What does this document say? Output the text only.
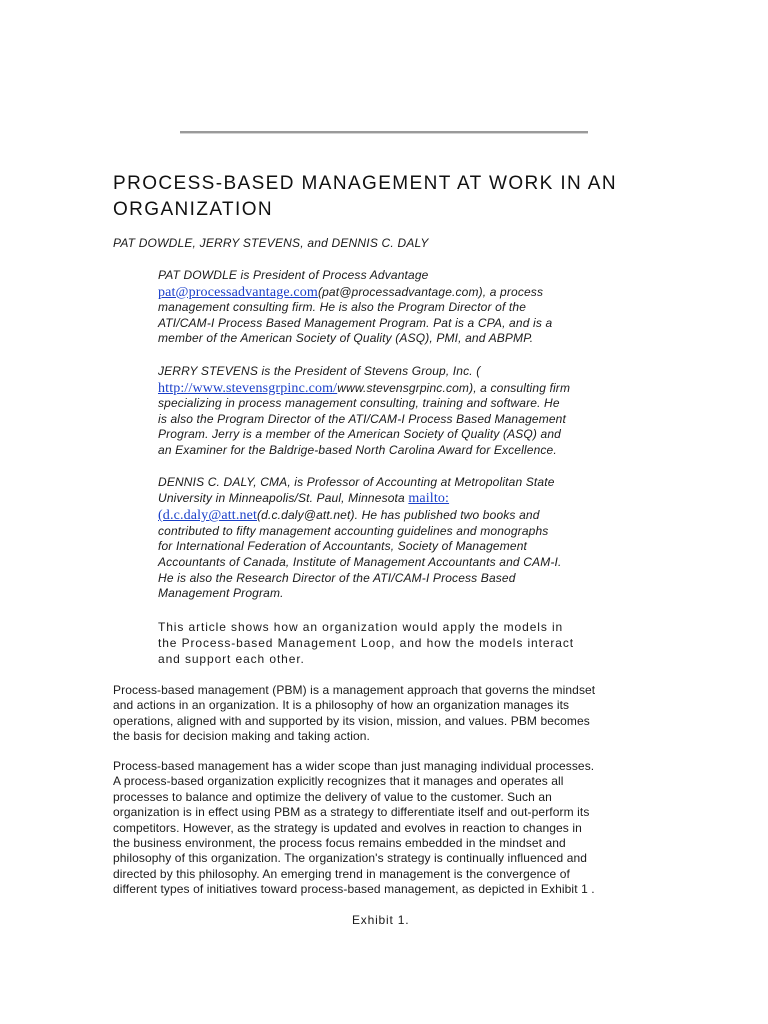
PROCESS-BASED MANAGEMENT AT WORK IN AN
ORGANIZATION
PAT DOWDLE, JERRY STEVENS, and DENNIS C. DALY
PAT DOWDLE is President of Process Advantage
pat@processadvantage.com(pat@processadvantage.com), a process
management consulting firm. He is also the Program Director of the
ATI/CAM-I Process Based Management Program. Pat is a CPA, and is a
member of the American Society of Quality (ASQ), PMI, and ABPMP.
JERRY STEVENS is the President of Stevens Group, Inc. (
http://www.stevensgrpinc.com/www.stevensgrpinc.com), a consulting firm
specializing in process management consulting, training and software. He
is also the Program Director of the ATI/CAM-I Process Based Management
Program. Jerry is a member of the American Society of Quality (ASQ) and
an Examiner for the Baldrige-based North Carolina Award for Excellence.
DENNIS C. DALY, CMA, is Professor of Accounting at Metropolitan State
University in Minneapolis/St. Paul, Minnesota mailto:
(d.c.daly@att.net(d.c.daly@att.net). He has published two books and
contributed to fifty management accounting guidelines and monographs
for International Federation of Accountants, Society of Management
Accountants of Canada, Institute of Management Accountants and CAM-I.
He is also the Research Director of the ATI/CAM-I Process Based
Management Program.
This article shows how an organization would apply the models in
the Process-based Management Loop, and how the models interact
and support each other.
Process-based management (PBM) is a management approach that governs the mindset
and actions in an organization. It is a philosophy of how an organization manages its
operations, aligned with and supported by its vision, mission, and values. PBM becomes
the basis for decision making and taking action.
Process-based management has a wider scope than just managing individual processes.
A process-based organization explicitly recognizes that it manages and operates all
processes to balance and optimize the delivery of value to the customer. Such an
organization is in effect using PBM as a strategy to differentiate itself and out-perform its
competitors. However, as the strategy is updated and evolves in reaction to changes in
the business environment, the process focus remains embedded in the mindset and
philosophy of this organization. The organization's strategy is continually influenced and
directed by this philosophy. An emerging trend in management is the convergence of
different types of initiatives toward process-based management, as depicted in Exhibit 1 .
Exhibit 1.
